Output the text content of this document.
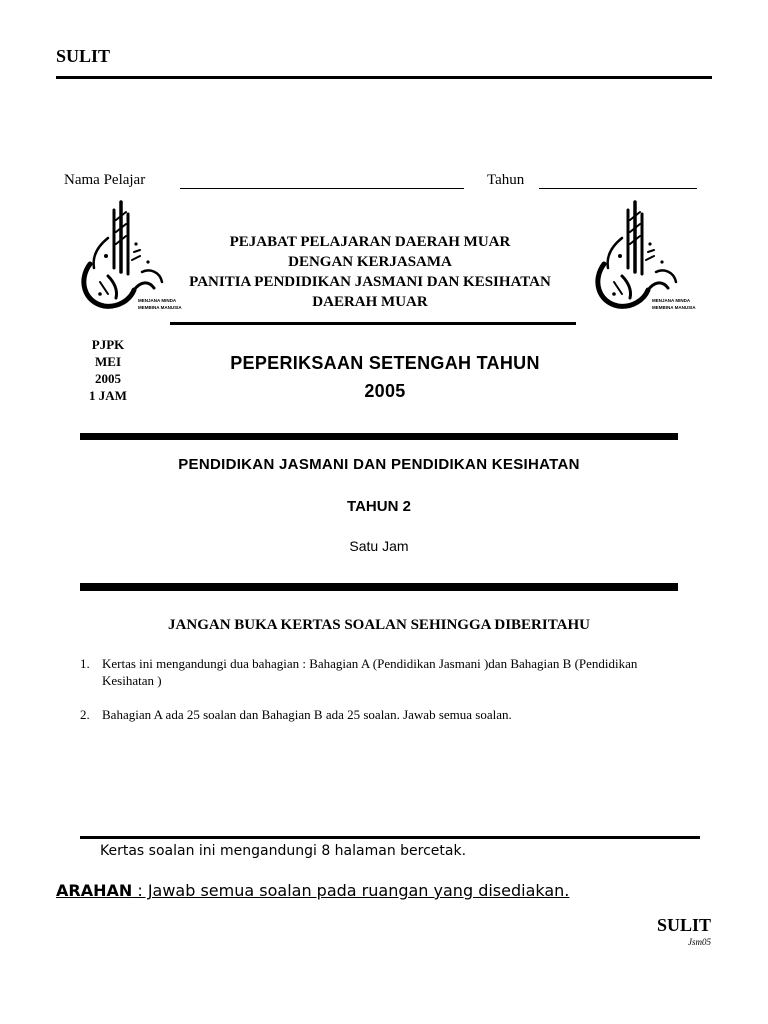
SULIT
Nama Pelajar	Tahun
MENJANA MINDA
MEMBINA MANUSIA
MENJANA MINDA
MEMBINA MANUSIA
PEJABAT PELAJARAN DAERAH MUAR
DENGAN KERJASAMA
PANITIA PENDIDIKAN JASMANI DAN KESIHATAN
DAERAH MUAR
PJPK
MEI
2005
1 JAM
PEPERIKSAAN SETENGAH TAHUN
2005
PENDIDIKAN JASMANI DAN PENDIDIKAN KESIHATAN
TAHUN 2
Satu Jam
JANGAN BUKA KERTAS SOALAN SEHINGGA DIBERITAHU
1. Kertas ini mengandungi dua bahagian : Bahagian A (Pendidikan Jasmani )dan Bahagian B (Pendidikan Kesihatan )
2. Bahagian A ada 25 soalan dan Bahagian B ada 25 soalan. Jawab semua soalan.
Kertas soalan ini mengandungi 8 halaman bercetak.
ARAHAN : Jawab semua soalan pada ruangan yang disediakan.
SULIT
Jsm05
